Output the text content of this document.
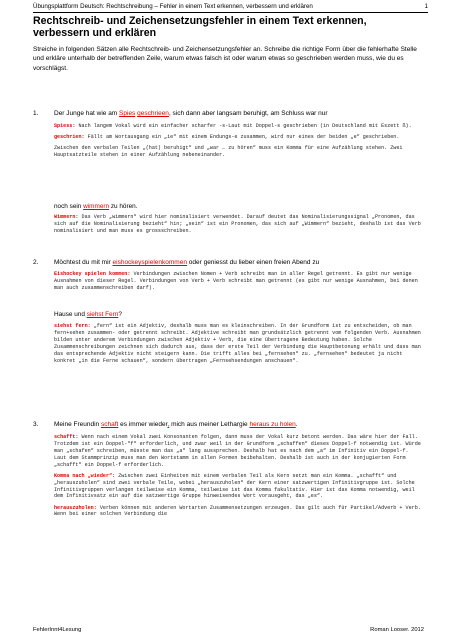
Übungsplattform Deutsch: Rechtschreibung – Fehler in einem Text erkennen, verbessern und erklären	1
Rechtschreib- und Zeichensetzungsfehler in einem Text erkennen, verbessern und erklären

Streiche in folgenden Sätzen alle Rechtschreib- und Zeichensetzungsfehler an. Schreibe die richtige Form über die fehlerhafte Stelle und erkläre unterhalb der betreffenden Zeile, warum etwas falsch ist oder warum etwas so geschrieben werden muss, wie du es vorschlägst.

1. Der Junge hat wie am Spies geschrieen, sich dann aber langsam beruhigt, am Schluss war nur

Spiess: Nach langem Vokal wird ein einfacher scharfer -s-Laut mit Doppel-s geschrieben (in Deutschland mit Eszett ß).

geschrien: Fällt am Wortausgang ein „ie“ mit einem Endungs-e zusammen, wird nur eines der beiden „e“ geschrieben.

Zwischen den verbalen Teilen „(hat) beruhigt“ und „war … zu hören“ muss ein Komma für eine Aufzählung stehen. Zwei Hauptsatzteile stehen in einer Aufzählung nebeneinander.

noch sein wimmern zu hören.

Wimmern: Das Verb „wimmern“ wird hier nominalisiert verwendet. Darauf deutet das Nominalisierungssignal „Pronomen, das sich auf die Nominalisierung bezieht“ hin; „sein“ ist ein Pronomen, das sich auf „Wimmern“ bezieht, deshalb ist das Verb nominalisiert und man muss es grossschreiben.

2. Möchtest du mit mir eishockeyspielenkommen oder geniesst du lieber einen freien Abend zu

Eishockey spielen kommen: Verbindungen zwischen Nomen + Verb schreibt man in aller Regel getrennt. Es gibt nur wenige Ausnahmen von dieser Regel. Verbindungen von Verb + Verb schreibt man getrennt (es gibt nur wenige Ausnahmen, bei denen man auch zusammenschreiben darf).

Hause und siehst Fern?

siehst fern: „fern“ ist ein Adjektiv, deshalb muss man es kleinschreiben. In der Grundform ist zu entscheiden, ob man fern+sehen zusammen- oder getrennt schreibt. Adjektive schreibt man grundsätzlich getrennt vom folgenden Verb. Ausnahmen bilden unter anderem Verbindungen zwischen Adjektiv + Verb, die eine übertragene Bedeutung haben. Solche Zusammenschreibungen zeichnen sich dadurch aus, dass der erste Teil der Verbindung die Hauptbetonung erhält und dass man das entsprechende Adjektiv nicht steigern kann. Die trifft alles bei „fernsehen“ zu. „fernsehen“ bedeutet ja nicht konkret „in die Ferne schauen“, sondern übertragen „Fernsehsendungen anschauen“.

3. Meine Freundin schaft es immer wieder, mich aus meiner Lethargie heraus zu holen.

schafft: Wenn nach einem Vokal zwei Konsonanten folgen, dann muss der Vokal kurz betont werden. Das wäre hier der Fall. Trotzdem ist ein Doppel-“f“ erforderlich, und zwar weil in der Grundform „schaffen“ dieses Doppel-f notwendig ist. Würde man „schafen“ schreiben, müsste man das „a“ lang aussprechen. Deshalb hat es nach dem „a“ im Infinitiv ein Doppel-f. Laut dem Stammprinzip muss man den Wortstamm in allen Formen beibehalten. Deshalb ist auch in der konjugierten Form „schafft“ ein Doppel-f erforderlich.

Komma nach „wieder“: Zwischen zwei Einheiten mit einem verbalen Teil als Kern setzt man ein Komma. „schafft“ und „herauszuholen“ sind zwei verbale Teile, wobei „herauszuholen“ der Kern einer satzwertigen Infinitivgruppe ist. Solche Infinitivgruppen verlangen teilweise ein Komma, teilweise ist das Komma fakultativ. Hier ist das Komma notwendig, weil dem Infinitivsatz ein auf die satzwertige Gruppe hinweisendes Wort vorausgeht, das „es“.

herauszuholen: Verben können mit anderen Wortarten Zusammensetzungen erzeugen. Das gilt auch für Partikel/Adverb + Verb. Wenn bei einer solchen Verbindung die

FehlerInnt4Lesung	Roman Looser. 2012
